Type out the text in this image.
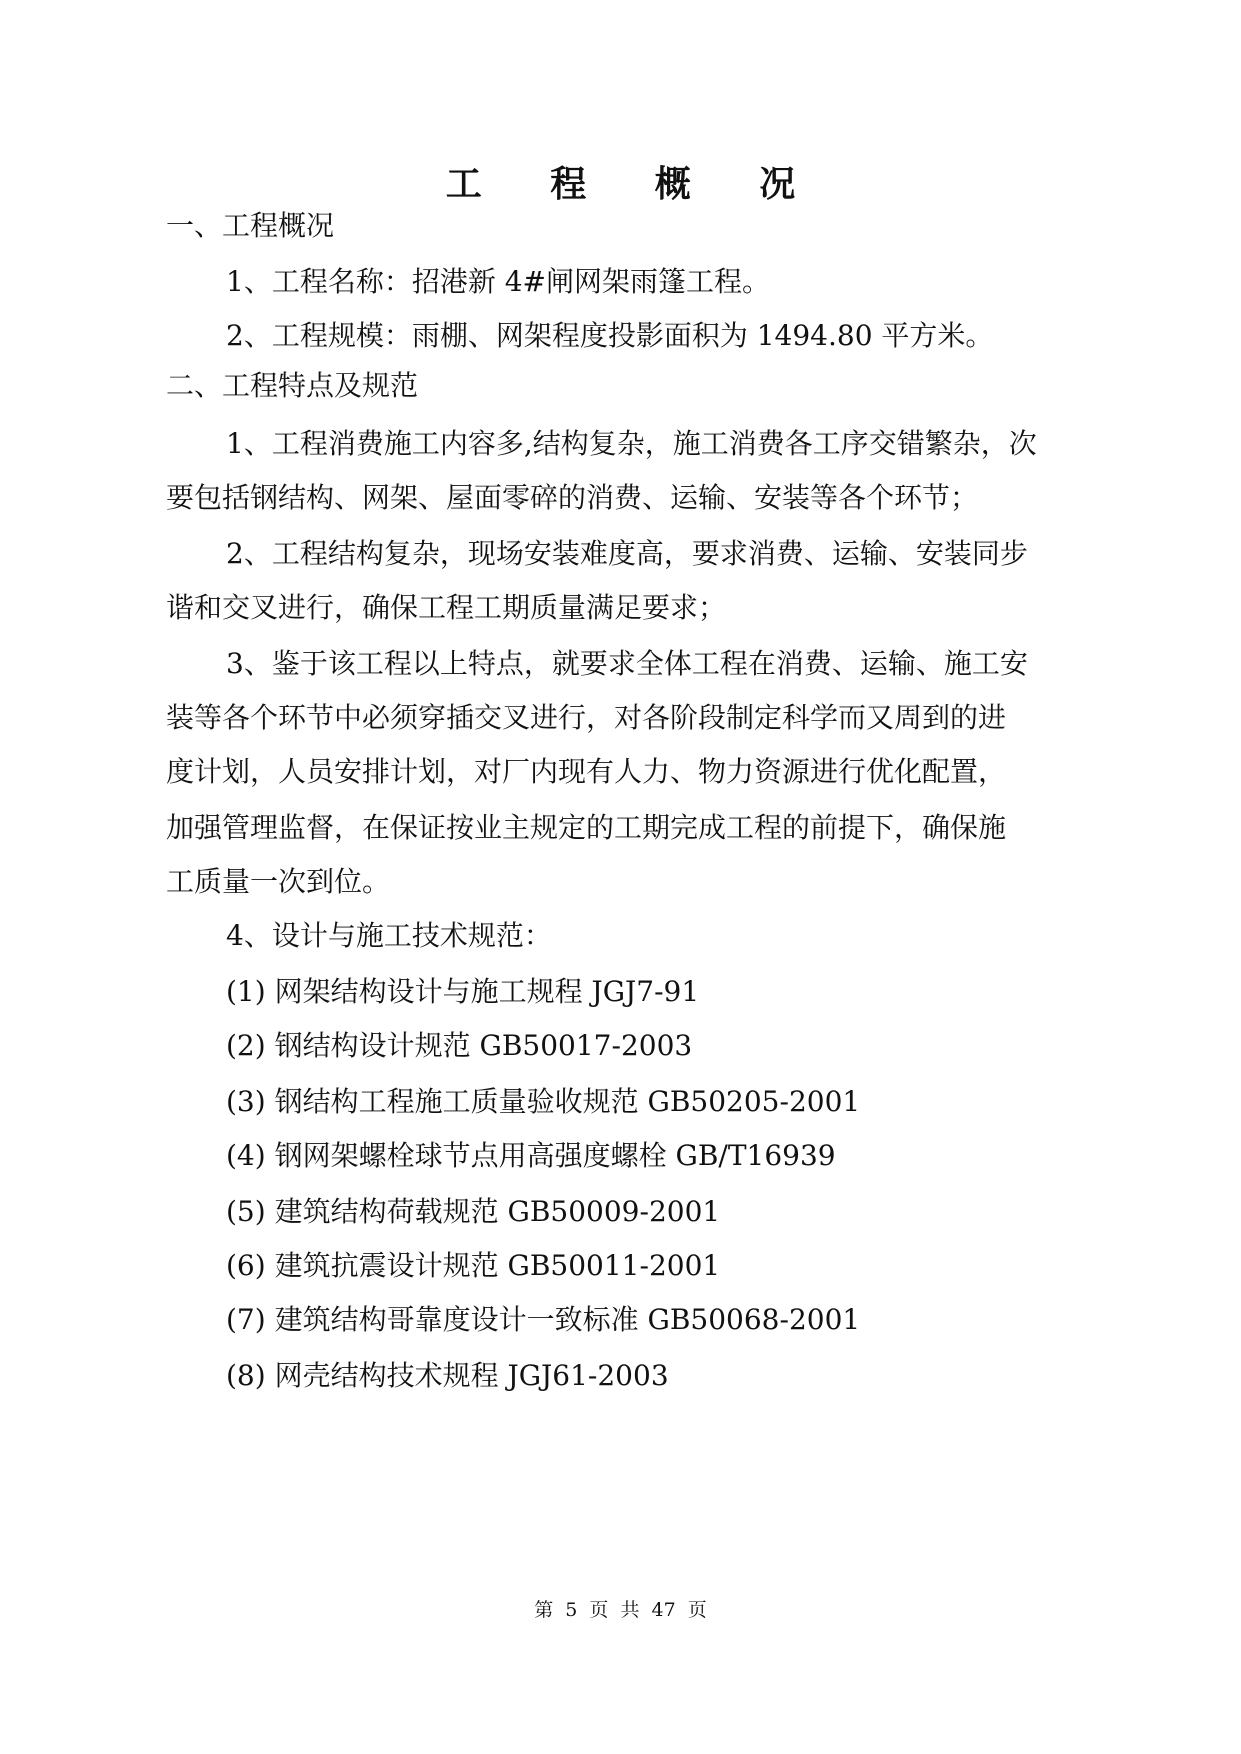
工 程 概 况
一、工程概况
1、工程名称：招港新 4#闸网架雨篷工程。
2、工程规模：雨棚、网架程度投影面积为 1494.80 平方米。
二、工程特点及规范
1、工程消费施工内容多,结构复杂，施工消费各工序交错繁杂，次
要包括钢结构、网架、屋面零碎的消费、运输、安装等各个环节；
2、工程结构复杂，现场安装难度高，要求消费、运输、安装同步
谐和交叉进行，确保工程工期质量满足要求；
3、鉴于该工程以上特点，就要求全体工程在消费、运输、施工安
装等各个环节中必须穿插交叉进行，对各阶段制定科学而又周到的进
度计划，人员安排计划，对厂内现有人力、物力资源进行优化配置，
加强管理监督，在保证按业主规定的工期完成工程的前提下，确保施
工质量一次到位。
4、设计与施工技术规范：
(1) 网架结构设计与施工规程 JGJ7-91
(2) 钢结构设计规范 GB50017-2003
(3) 钢结构工程施工质量验收规范 GB50205-2001
(4) 钢网架螺栓球节点用高强度螺栓 GB/T16939
(5) 建筑结构荷载规范 GB50009-2001
(6) 建筑抗震设计规范 GB50011-2001
(7) 建筑结构哥靠度设计一致标准 GB50068-2001
(8) 网壳结构技术规程 JGJ61-2003
第 5 页 共 47 页
